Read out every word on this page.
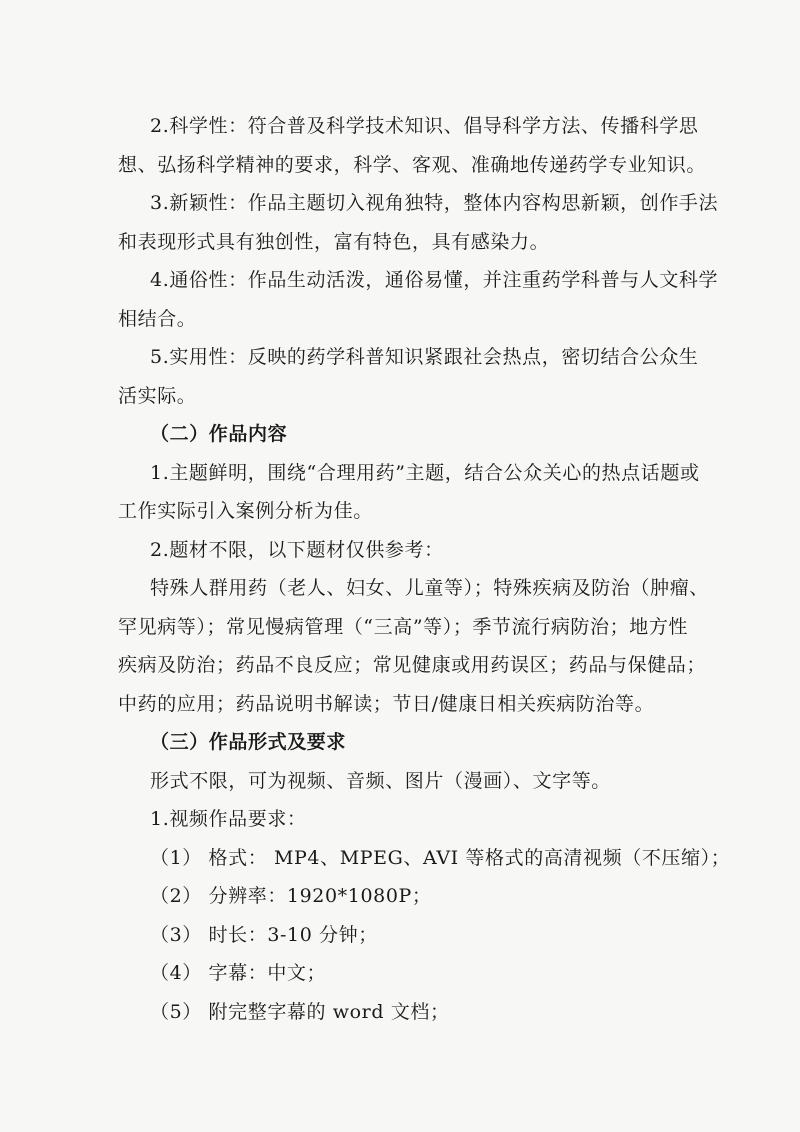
2.科学性：符合普及科学技术知识、倡导科学方法、传播科学思
想、弘扬科学精神的要求，科学、客观、准确地传递药学专业知识。
3.新颖性：作品主题切入视角独特，整体内容构思新颖，创作手法
和表现形式具有独创性，富有特色，具有感染力。
4.通俗性：作品生动活泼，通俗易懂，并注重药学科普与人文科学
相结合。
5.实用性：反映的药学科普知识紧跟社会热点，密切结合公众生
活实际。
（二）作品内容
1.主题鲜明，围绕“合理用药”主题，结合公众关心的热点话题或
工作实际引入案例分析为佳。
2.题材不限，以下题材仅供参考：
特殊人群用药（老人、妇女、儿童等）；特殊疾病及防治（肿瘤、
罕见病等）；常见慢病管理（“三高”等）；季节流行病防治；地方性
疾病及防治；药品不良反应；常见健康或用药误区；药品与保健品；
中药的应用；药品说明书解读；节日/健康日相关疾病防治等。
（三）作品形式及要求
形式不限，可为视频、音频、图片（漫画）、文字等。
1.视频作品要求：
（1） 格式： MP4、MPEG、AVI 等格式的高清视频（不压缩）；
（2） 分辨率：1920*1080P；
（3） 时长：3-10 分钟；
（4） 字幕：中文；
（5） 附完整字幕的 word 文档；
